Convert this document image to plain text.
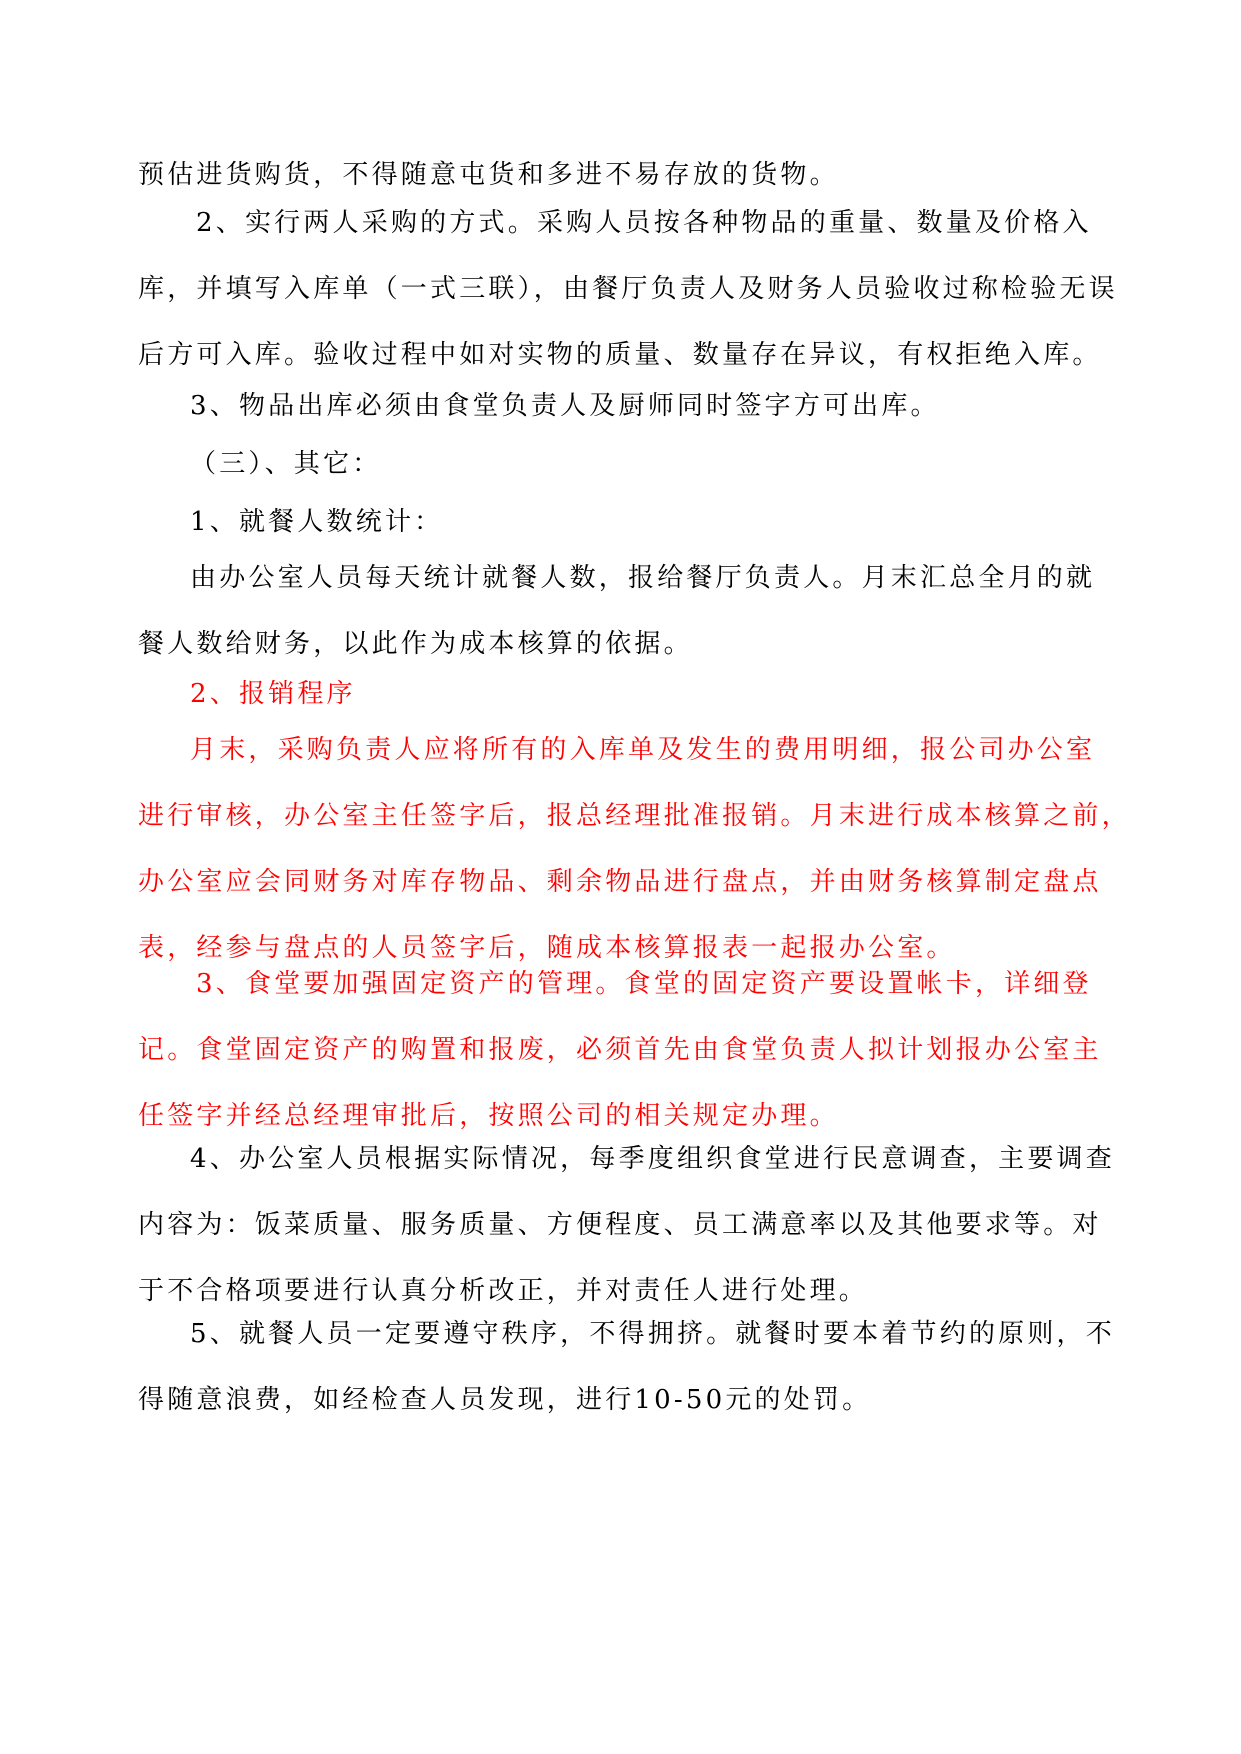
预估进货购货，不得随意屯货和多进不易存放的货物。
2、实行两人采购的方式。采购人员按各种物品的重量、数量及价格入
库，并填写入库单（一式三联），由餐厅负责人及财务人员验收过称检验无误
后方可入库。验收过程中如对实物的质量、数量存在异议，有权拒绝入库。
3、物品出库必须由食堂负责人及厨师同时签字方可出库。
（三）、其它：
1、就餐人数统计：
由办公室人员每天统计就餐人数，报给餐厅负责人。月末汇总全月的就
餐人数给财务，以此作为成本核算的依据。
2、报销程序
月末，采购负责人应将所有的入库单及发生的费用明细，报公司办公室
进行审核，办公室主任签字后，报总经理批准报销。月末进行成本核算之前，
办公室应会同财务对库存物品、剩余物品进行盘点，并由财务核算制定盘点
表，经参与盘点的人员签字后，随成本核算报表一起报办公室。
3、食堂要加强固定资产的管理。食堂的固定资产要设置帐卡，详细登
记。食堂固定资产的购置和报废，必须首先由食堂负责人拟计划报办公室主
任签字并经总经理审批后，按照公司的相关规定办理。
4、办公室人员根据实际情况，每季度组织食堂进行民意调查，主要调查
内容为：饭菜质量、服务质量、方便程度、员工满意率以及其他要求等。对
于不合格项要进行认真分析改正，并对责任人进行处理。
5、就餐人员一定要遵守秩序，不得拥挤。就餐时要本着节约的原则，不
得随意浪费，如经检查人员发现，进行10-50元的处罚。
